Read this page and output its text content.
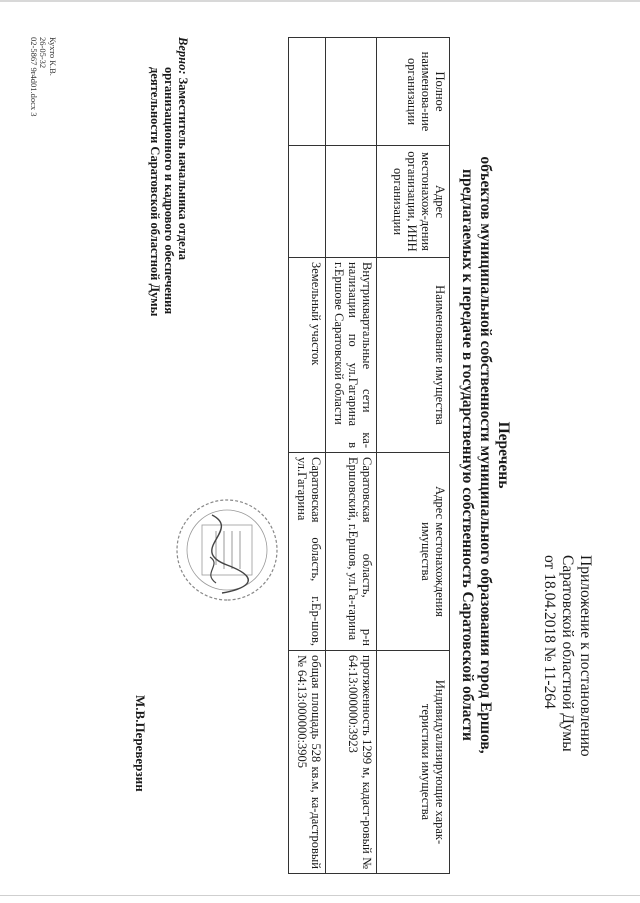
Приложение к постановлению
Саратовской областной Думы
от 18.04.2018 № 11-264
Перечень
объектов муниципальной собственности муниципального образования город Ершов,
предлагаемых к передаче в государственную собственность Саратовской области
Полное наименова-ние организации	Адрес местонахож-дения организации, ИНН организации	Наименование имущества	Адрес местонахождения имущества	Индивидуализирующие харак-теристики имущества
		Внутриквартальные сети ка-нализации по ул.Гагарина в г.Ершове Саратовской области	Саратовская область, р-н Ершовский, г.Ершов, ул.Га-гарина	протяженность 1299 м, кадаст-ровый № 64:13:000000:3923
		Земельный участок	Саратовская область, г.Ер-шов, ул.Гагарина	общая площадь 528 кв.м, ка-дастровый № 64:13:000000:3905
Верно: Заместитель начальника отдела
организационного и кадрового обеспечения
деятельности Саратовской областной Думы
М.В.Переверзин
Кухто К.В.
26-05-32
02-5867 9r4d01.docx 3
